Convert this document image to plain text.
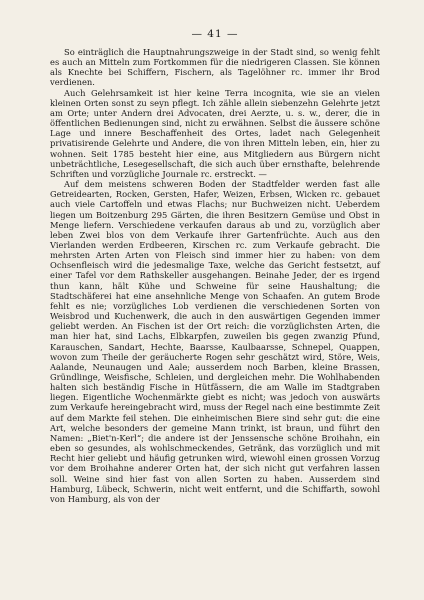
— 41 —

So einträglich die Hauptnahrungszweige in der Stadt sind, so wenig fehlt es auch an Mitteln zum Fortkommen für die niedrigeren Classen. Sie können als Knechte bei Schiffern, Fischern, als Tagelöhner rc. immer ihr Brod verdienen.

Auch Gelehrsamkeit ist hier keine Terra incognita, wie sie an vielen kleinen Orten sonst zu seyn pflegt. Ich zähle allein siebenzehn Gelehrte jetzt am Orte; unter Andern drei Advocaten, drei Aerzte, u. s. w., derer, die in öffentlichen Bedienungen sind, nicht zu erwähnen. Selbst die äussere schöne Lage und innere Beschaffenheit des Ortes, ladet nach Gelegenheit privatisirende Gelehrte und Andere, die von ihren Mitteln leben, ein, hier zu wohnen. Seit 1785 besteht hier eine, aus Mitgliedern aus Bürgern nicht unbeträchtliche, Lesegesellschaft, die sich auch über ernsthafte, belehrende Schriften und vorzügliche Journale rc. erstreckt. —

Auf dem meistens schweren Boden der Stadtfelder werden fast alle Getreidearten, Rocken, Gersten, Hafer, Weizen, Erbsen, Wicken rc. gebauet auch viele Cartoffeln und etwas Flachs; nur Buchweizen nicht. Ueberdem liegen um Boitzenburg 295 Gärten, die ihren Besitzern Gemüse und Obst in Menge liefern. Verschiedene verkaufen daraus ab und zu, vorzüglich aber leben Zwei blos von dem Verkaufe ihrer Gartenfrüchte. Auch aus den Vierlanden werden Erdbeeren, Kirschen rc. zum Verkaufe gebracht. Die mehrsten Arten Arten von Fleisch sind immer hier zu haben: von dem Ochsenfleisch wird die jedesmalige Taxe, welche das Gericht festsetzt, auf einer Tafel vor dem Rathskeller ausgehangen. Beinahe Jeder, der es irgend thun kann, hält Kühe und Schweine für seine Haushaltung; die Stadtschäferei hat eine ansehnliche Menge von Schaafen. An gutem Brode fehlt es nie; vorzügliches Lob verdienen die verschiedenen Sorten von Weisbrod und Kuchenwerk, die auch in den auswärtigen Gegenden immer geliebt werden. An Fischen ist der Ort reich: die vorzüglichsten Arten, die man hier hat, sind Lachs, Elbkarpfen, zuweilen bis gegen zwanzig Pfund, Karauschen, Sandart, Hechte, Baarsse, Kaulbaarsse, Schnepel, Quappen, wovon zum Theile der geräucherte Rogen sehr geschätzt wird, Störe, Weis, Aalande, Neunaugen und Aale; ausserdem noch Barben, kleine Brassen, Gründlinge, Weisfische, Schleien, und dergleichen mehr. Die Wohlhabenden halten sich beständig Fische in Hütfässern, die am Walle im Stadtgraben liegen. Eigentliche Wochenmärkte giebt es nicht; was jedoch von auswärts zum Verkaufe hereingebracht wird, muss der Regel nach eine bestimmte Zeit auf dem Markte feil stehen. Die einheimischen Biere sind sehr gut: die eine Art, welche besonders der gemeine Mann trinkt, ist braun, und führt den Namen: „Biet'n-Kerl“; die andere ist der Jenssensche schöne Broihahn, ein eben so gesundes, als wohlschmeckendes, Getränk, das vorzüglich und mit Recht hier geliebt und häufig getrunken wird, wiewohl einen grossen Vorzug vor dem Broihahne anderer Orten hat, der sich nicht gut verfahren lassen soll. Weine sind hier fast von allen Sorten zu haben. Ausserdem sind Hamburg, Lübeck, Schwerin, nicht weit entfernt, und die Schiffarth, sowohl von Hamburg, als von der
